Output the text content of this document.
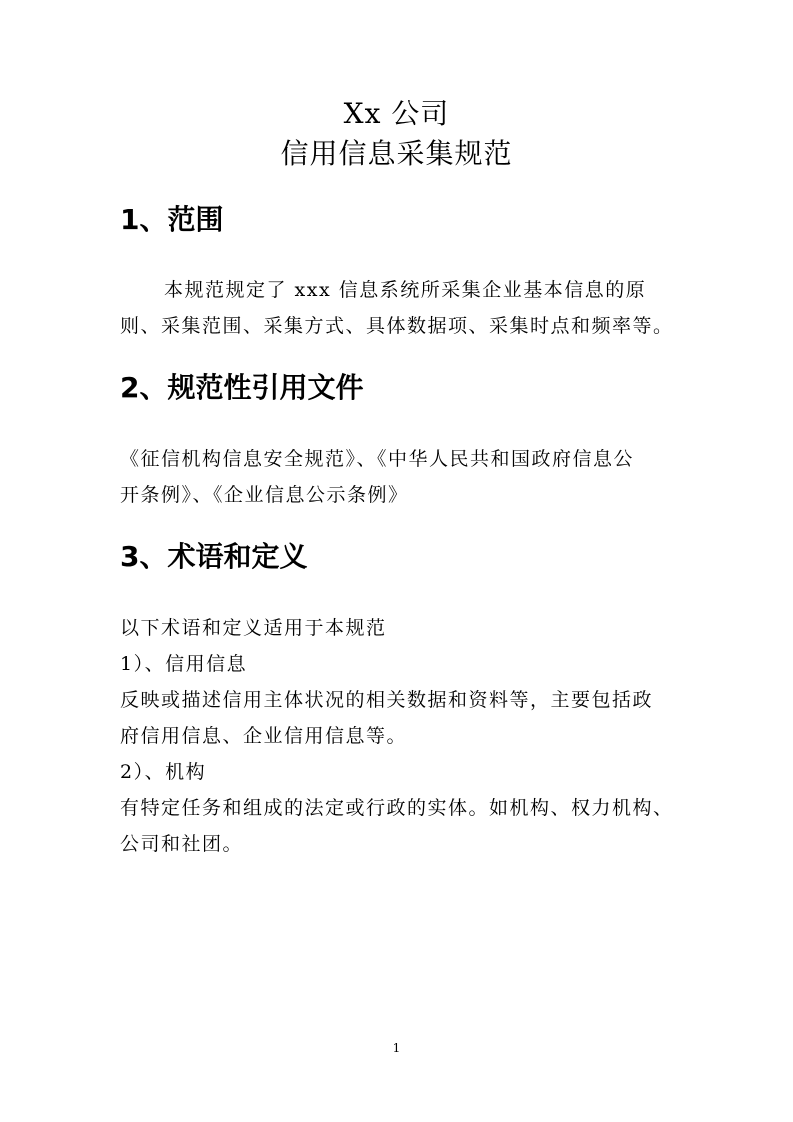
Xx 公司
信用信息采集规范
1、范围
本规范规定了 xxx 信息系统所采集企业基本信息的原
则、采集范围、采集方式、具体数据项、采集时点和频率等。
2、规范性引用文件
《征信机构信息安全规范》、《中华人民共和国政府信息公
开条例》、《企业信息公示条例》
3、术语和定义
以下术语和定义适用于本规范
1）、信用信息
反映或描述信用主体状况的相关数据和资料等，主要包括政
府信用信息、企业信用信息等。
2）、机构
有特定任务和组成的法定或行政的实体。如机构、权力机构、
公司和社团。
1
